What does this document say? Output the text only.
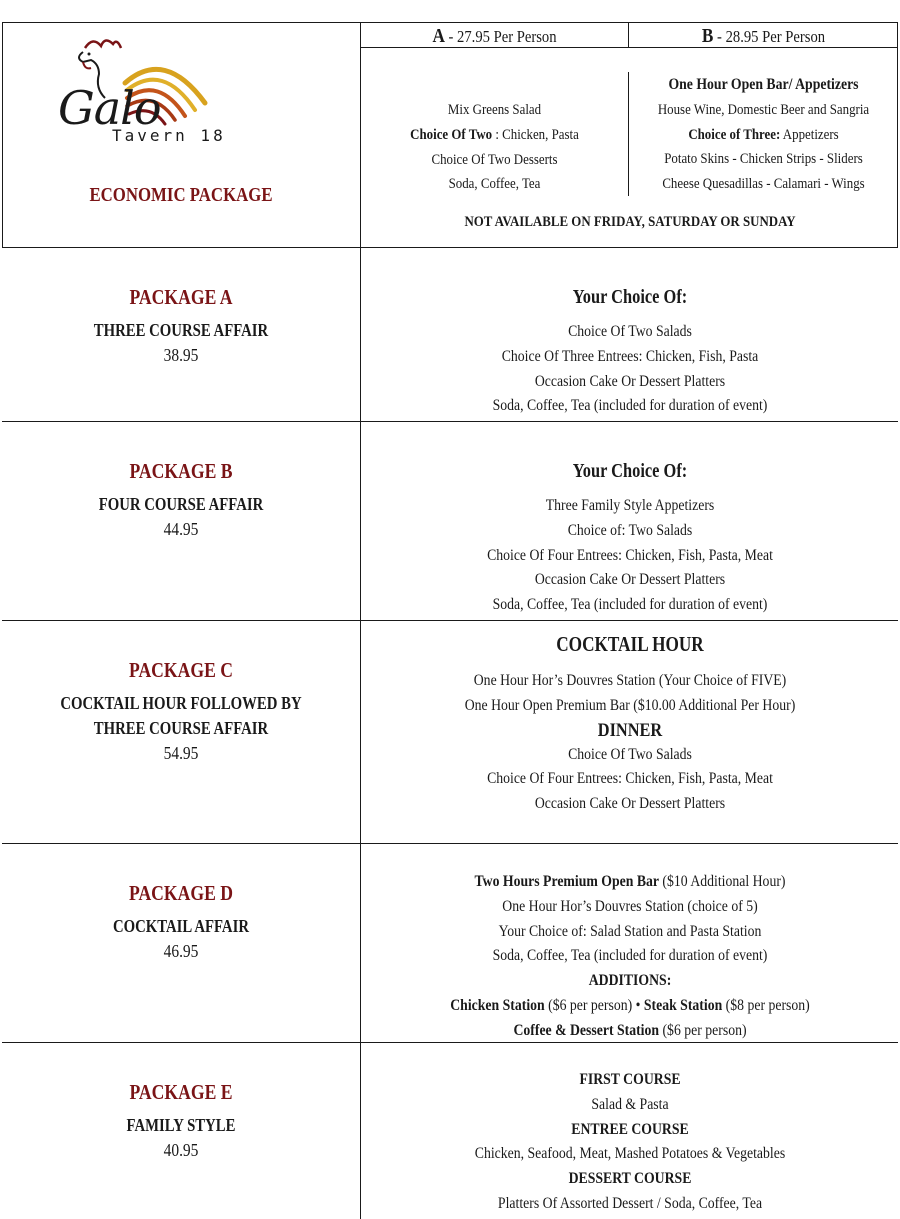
Galo
Tavern 18
ECONOMIC PACKAGE
A - 27.95 Per Person	B - 28.95 Per Person
Mix Greens Salad
Choice Of Two : Chicken, Pasta
Choice Of Two Desserts
Soda, Coffee, Tea
One Hour Open Bar/ Appetizers
House Wine, Domestic Beer and Sangria
Choice of Three: Appetizers
Potato Skins - Chicken Strips - Sliders
Cheese Quesadillas - Calamari - Wings
NOT AVAILABLE ON FRIDAY, SATURDAY OR SUNDAY
PACKAGE A
THREE COURSE AFFAIR
38.95
Your Choice Of:
Choice Of Two Salads
Choice Of Three Entrees: Chicken, Fish, Pasta
Occasion Cake Or Dessert Platters
Soda, Coffee, Tea (included for duration of event)
PACKAGE B
FOUR COURSE AFFAIR
44.95
Your Choice Of:
Three Family Style Appetizers
Choice of: Two Salads
Choice Of Four Entrees: Chicken, Fish, Pasta, Meat
Occasion Cake Or Dessert Platters
Soda, Coffee, Tea (included for duration of event)
PACKAGE C
COCKTAIL HOUR FOLLOWED BY
THREE COURSE AFFAIR
54.95
COCKTAIL HOUR
One Hour Hor’s Douvres Station (Your Choice of FIVE)
One Hour Open Premium Bar ($10.00 Additional Per Hour)
DINNER
Choice Of Two Salads
Choice Of Four Entrees: Chicken, Fish, Pasta, Meat
Occasion Cake Or Dessert Platters
PACKAGE D
COCKTAIL AFFAIR
46.95
Two Hours Premium Open Bar ($10 Additional Hour)
One Hour Hor’s Douvres Station (choice of 5)
Your Choice of: Salad Station and Pasta Station
Soda, Coffee, Tea (included for duration of event)
ADDITIONS:
Chicken Station ($6 per person) • Steak Station ($8 per person)
Coffee & Dessert Station ($6 per person)
PACKAGE E
FAMILY STYLE
40.95
FIRST COURSE
Salad & Pasta
ENTREE COURSE
Chicken, Seafood, Meat, Mashed Potatoes & Vegetables
DESSERT COURSE
Platters Of Assorted Dessert / Soda, Coffee, Tea
